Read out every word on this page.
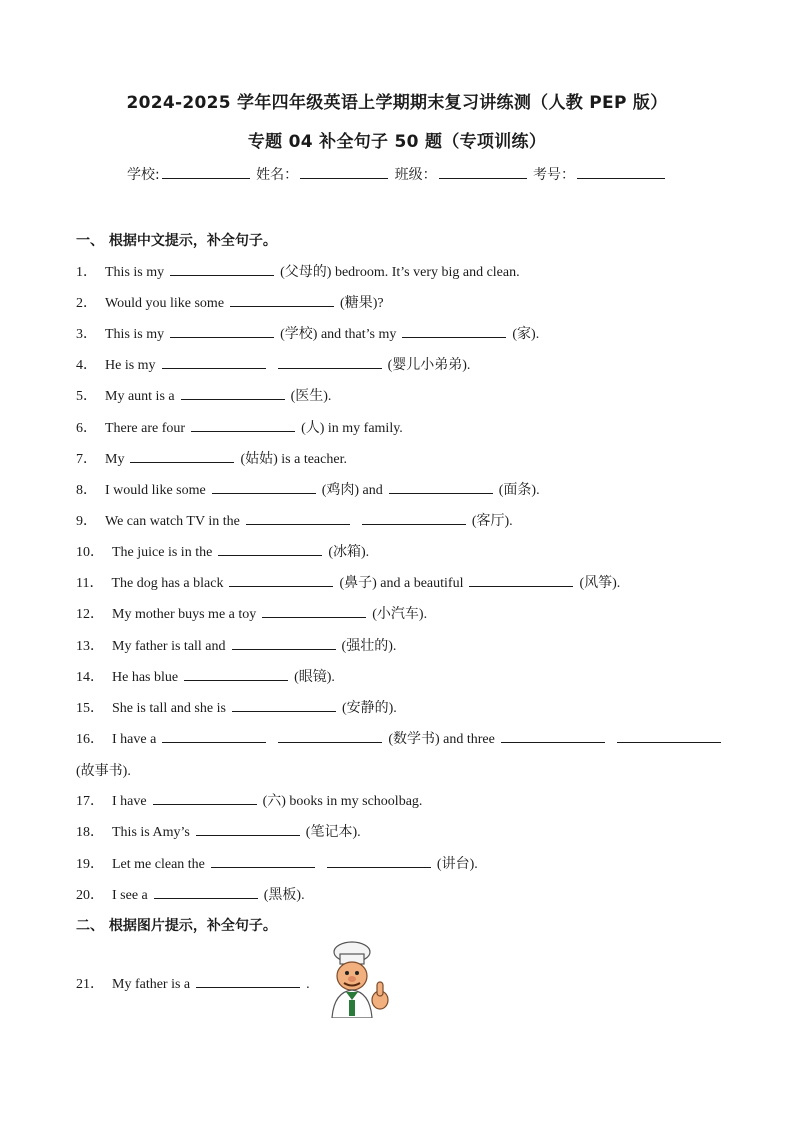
2024-2025 学年四年级英语上学期期末复习讲练测（人教 PEP 版）
专题 04 补全句子 50 题（专项训练）
学校:	姓名：	班级：	考号：
一、 根据中文提示，补全句子。
二、 根据图片提示，补全句子。
1． This is my	(父母的) bedroom. It’s very big and clean.
2． Would you like some	(糖果)?
3． This is my	(学校) and that’s my	(家).
4． He is my	(婴儿小弟弟).
5． My aunt is a	(医生).
6． There are four	(人) in my family.
7． My	(姑姑) is a teacher.
8． I would like some	(鸡肉) and	(面条).
9． We can watch TV in the	(客厅).
10． The juice is in the	(冰箱).
11． The dog has a black	(鼻子) and a beautiful	(风筝).
12． My mother buys me a toy	(小汽车).
13． My father is tall and	(强壮的).
14． He has blue	(眼镜).
15． She is tall and she is	(安静的).
16． I have a	(数学书) and three
17． I have	(六) books in my schoolbag.
18． This is Amy’s	(笔记本).
19． Let me clean the	(讲台).
20． I see a	(黑板).
21． My father is a	.
(故事书).
